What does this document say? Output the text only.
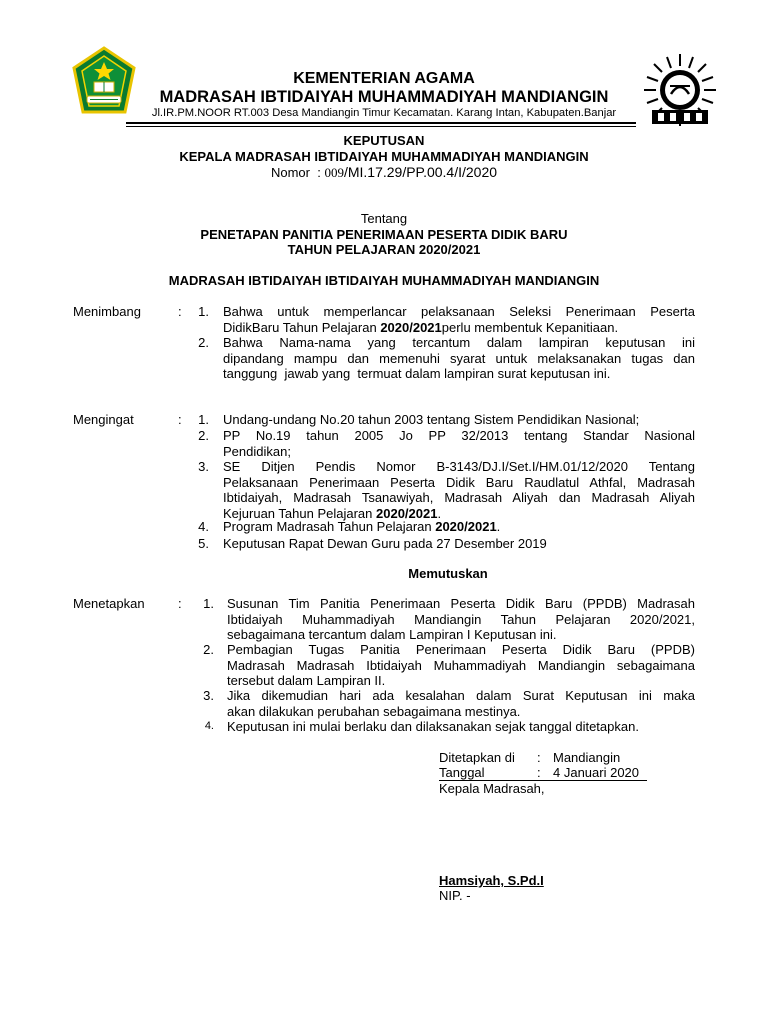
KEMENTERIAN AGAMA
MADRASAH IBTIDAIYAH MUHAMMADIYAH MANDIANGIN
Jl.IR.PM.NOOR RT.003 Desa Mandiangin Timur Kecamatan. Karang Intan, Kabupaten.Banjar
KEPUTUSAN
KEPALA MADRASAH IBTIDAIYAH MUHAMMADIYAH MANDIANGIN
Nomor : 009/MI.17.29/PP.00.4/I/2020
Tentang
PENETAPAN PANITIA PENERIMAAN PESERTA DIDIK BARU
TAHUN PELAJARAN 2020/2021
MADRASAH IBTIDAIYAH IBTIDAIYAH MUHAMMADIYAH MANDIANGIN
Menimbang	: 1. Bahwa untuk memperlancar pelaksanaan Seleksi Penerimaan Peserta
DidikBaru Tahun Pelajaran 2020/2021perlu membentuk Kepanitiaan.
2. Bahwa Nama-nama yang tercantum dalam lampiran keputusan ini
dipandang mampu dan memenuhi syarat untuk melaksanakan tugas dan
tanggung  jawab yang  termuat dalam lampiran surat keputusan ini.
Mengingat	: 1. Undang-undang No.20 tahun 2003 tentang Sistem Pendidikan Nasional;
2. PP No.19 tahun 2005 Jo PP 32/2013 tentang Standar Nasional
Pendidikan;
3. SE Ditjen Pendis Nomor B-3143/DJ.I/Set.I/HM.01/12/2020 Tentang
Pelaksanaan Penerimaan Peserta Didik Baru Raudlatul Athfal, Madrasah
Ibtidaiyah, Madrasah Tsanawiyah, Madrasah Aliyah dan Madrasah Aliyah
Kejuruan Tahun Pelajaran 2020/2021.
4. Program Madrasah Tahun Pelajaran 2020/2021.
5. Keputusan Rapat Dewan Guru pada 27 Desember 2019
Memutuskan
Menetapkan	: 1. Susunan Tim Panitia Penerimaan Peserta Didik Baru (PPDB) Madrasah
Ibtidaiyah Muhammadiyah Mandiangin Tahun Pelajaran 2020/2021,
sebagaimana tercantum dalam Lampiran I Keputusan ini.
2. Pembagian Tugas Panitia Penerimaan Peserta Didik Baru (PPDB)
Madrasah Madrasah Ibtidaiyah Muhammadiyah Mandiangin sebagaimana
tersebut dalam Lampiran II.
3. Jika dikemudian hari ada kesalahan dalam Surat Keputusan ini maka
akan dilakukan perubahan sebagaimana mestinya.
4. Keputusan ini mulai berlaku dan dilaksanakan sejak tanggal ditetapkan.
Ditetapkan di : Mandiangin
Tanggal	: 4 Januari 2020
Kepala Madrasah,
Hamsiyah, S.Pd.I
NIP. -
